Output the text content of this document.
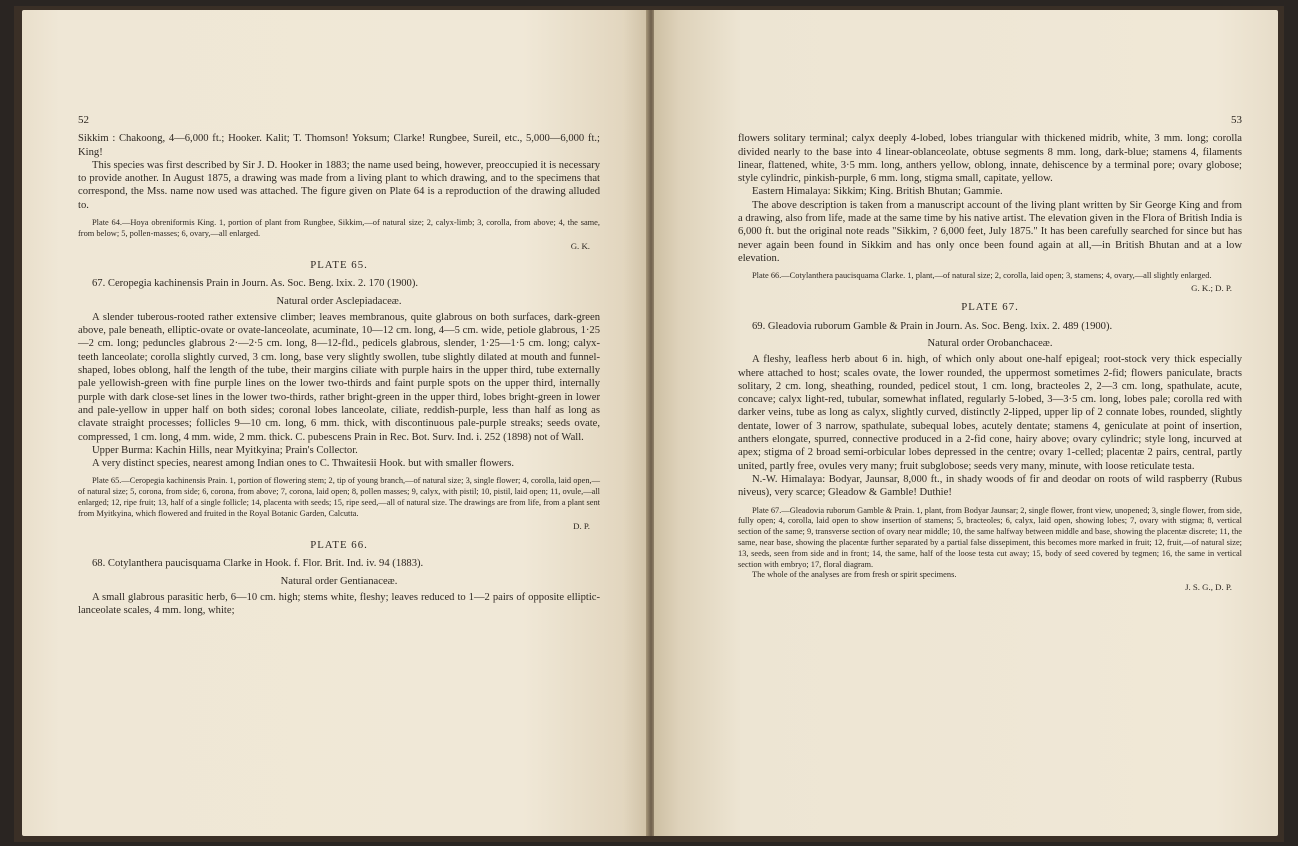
52

Sikkim : Chakoong, 4—6,000 ft.; Hooker. Kalit; T. Thomson! Yoksum; Clarke! Rungbee, Sureil, etc., 5,000—6,000 ft.; King!

This species was first described by Sir J. D. Hooker in 1883; the name used being, however, preoccupied it is necessary to provide another. In August 1875, a drawing was made from a living plant to which drawing, and to the specimens that correspond, the Mss. name now used was attached. The figure given on Plate 64 is a reproduction of the drawing alluded to.

Plate 64.—Hoya obreniformis King. 1, portion of plant from Rungbee, Sikkim,—of natural size; 2, calyx-limb; 3, corolla, from above; 4, the same, from below; 5, pollen-masses; 6, ovary,—all enlarged.

G. K.
PLATE 65.

67. Ceropegia kachinensis Prain in Journ. As. Soc. Beng. lxix. 2. 170 (1900).

Natural order Asclepiadaceæ.

A slender tuberous-rooted rather extensive climber; leaves membranous, quite glabrous on both surfaces, dark-green above, pale beneath, elliptic-ovate or ovate-lanceolate, acuminate, 10—12 cm. long, 4—5 cm. wide, petiole glabrous, 1·25—2 cm. long; peduncles glabrous 2·—2·5 cm. long, 8—12-fld., pedicels glabrous, slender, 1·25—1·5 cm. long; calyx-teeth lanceolate; corolla slightly curved, 3 cm. long, base very slightly swollen, tube slightly dilated at mouth and funnel-shaped, lobes oblong, half the length of the tube, their margins ciliate with purple hairs in the upper third, tube externally pale yellowish-green with fine purple lines on the lower two-thirds and faint purple spots on the upper third, internally purple with dark close-set lines in the lower two-thirds, rather bright-green in the upper third, lobes bright-green in lower and pale-yellow in upper half on both sides; coronal lobes lanceolate, ciliate, reddish-purple, less than half as long as clavate straight processes; follicles 9—10 cm. long, 6 mm. thick, with discontinuous pale-purple streaks; seeds ovate, compressed, 1 cm. long, 4 mm. wide, 2 mm. thick. C. pubescens Prain in Rec. Bot. Surv. Ind. i. 252 (1898) not of Wall.

Upper Burma: Kachin Hills, near Myitkyina; Prain's Collector.

A very distinct species, nearest among Indian ones to C. Thwaitesii Hook. but with smaller flowers.

Plate 65.—Ceropegia kachinensis Prain. 1, portion of flowering stem; 2, tip of young branch,—of natural size; 3, single flower; 4, corolla, laid open,—of natural size; 5, corona, from side; 6, corona, from above; 7, corona, laid open; 8, pollen masses; 9, calyx, with pistil; 10, pistil, laid open; 11, ovule,—all enlarged; 12, ripe fruit; 13, half of a single follicle; 14, placenta with seeds; 15, ripe seed,—all of natural size. The drawings are from life, from a plant sent from Myitkyina, which flowered and fruited in the Royal Botanic Garden, Calcutta.

D. P.
PLATE 66.

68. Cotylanthera paucisquama Clarke in Hook. f. Flor. Brit. Ind. iv. 94 (1883).

Natural order Gentianaceæ.

A small glabrous parasitic herb, 6—10 cm. high; stems white, fleshy; leaves reduced to 1—2 pairs of opposite elliptic-lanceolate scales, 4 mm. long, white;

53

flowers solitary terminal; calyx deeply 4-lobed, lobes triangular with thickened midrib, white, 3 mm. long; corolla divided nearly to the base into 4 linear-oblanceolate, obtuse segments 8 mm. long, dark-blue; stamens 4, filaments linear, flattened, white, 3·5 mm. long, anthers yellow, oblong, innate, dehiscence by a terminal pore; ovary globose; style cylindric, pinkish-purple, 6 mm. long, stigma small, capitate, yellow.

Eastern Himalaya: Sikkim; King. British Bhutan; Gammie.

The above description is taken from a manuscript account of the living plant written by Sir George King and from a drawing, also from life, made at the same time by his native artist. The elevation given in the Flora of British India is 6,000 ft. but the original note reads "Sikkim, ? 6,000 feet, July 1875." It has been carefully searched for since but has never again been found in Sikkim and has only once been found again at all,—in British Bhutan and at a low elevation.

Plate 66.—Cotylanthera paucisquama Clarke. 1, plant,—of natural size; 2, corolla, laid open; 3, stamens; 4, ovary,—all slightly enlarged.

G. K.; D. P.
PLATE 67.

69. Gleadovia ruborum Gamble & Prain in Journ. As. Soc. Beng. lxix. 2. 489 (1900).

Natural order Orobanchaceæ.

A fleshy, leafless herb about 6 in. high, of which only about one-half epigeal; root-stock very thick especially where attached to host; scales ovate, the lower rounded, the uppermost sometimes 2-fid; flowers paniculate, bracts solitary, 2 cm. long, sheathing, rounded, pedicel stout, 1 cm. long, bracteoles 2, 2—3 cm. long, spathulate, acute, concave; calyx light-red, tubular, somewhat inflated, regularly 5-lobed, 3—3·5 cm. long, lobes pale; corolla red with darker veins, tube as long as calyx, slightly curved, distinctly 2-lipped, upper lip of 2 connate lobes, rounded, slightly dentate, lower of 3 narrow, spathulate, subequal lobes, acutely dentate; stamens 4, geniculate at point of insertion, anthers elongate, spurred, connective produced in a 2-fid cone, hairy above; ovary cylindric; style long, incurved at apex; stigma of 2 broad semi-orbicular lobes depressed in the centre; ovary 1-celled; placentæ 2 pairs, central, partly united, partly free, ovules very many; fruit subglobose; seeds very many, minute, with loose reticulate testa.

N.-W. Himalaya: Bodyar, Jaunsar, 8,000 ft., in shady woods of fir and deodar on roots of wild raspberry (Rubus niveus), very scarce; Gleadow & Gamble! Duthie!

Plate 67.—Gleadovia ruborum Gamble & Prain. 1, plant, from Bodyar Jaunsar; 2, single flower, front view, unopened; 3, single flower, from side, fully open; 4, corolla, laid open to show insertion of stamens; 5, bracteoles; 6, calyx, laid open, showing lobes; 7, ovary with stigma; 8, vertical section of the same; 9, transverse section of ovary near middle; 10, the same halfway between middle and base, showing the placentæ discrete; 11, the same, near base, showing the placentæ further separated by a partial false dissepiment, this becomes more marked in fruit; 12, fruit,—of natural size; 13, seeds, seen from side and in front; 14, the same, half of the loose testa cut away; 15, body of seed covered by tegmen; 16, the same in vertical section with embryo; 17, floral diagram.

The whole of the analyses are from fresh or spirit specimens.

J. S. G., D. P.
